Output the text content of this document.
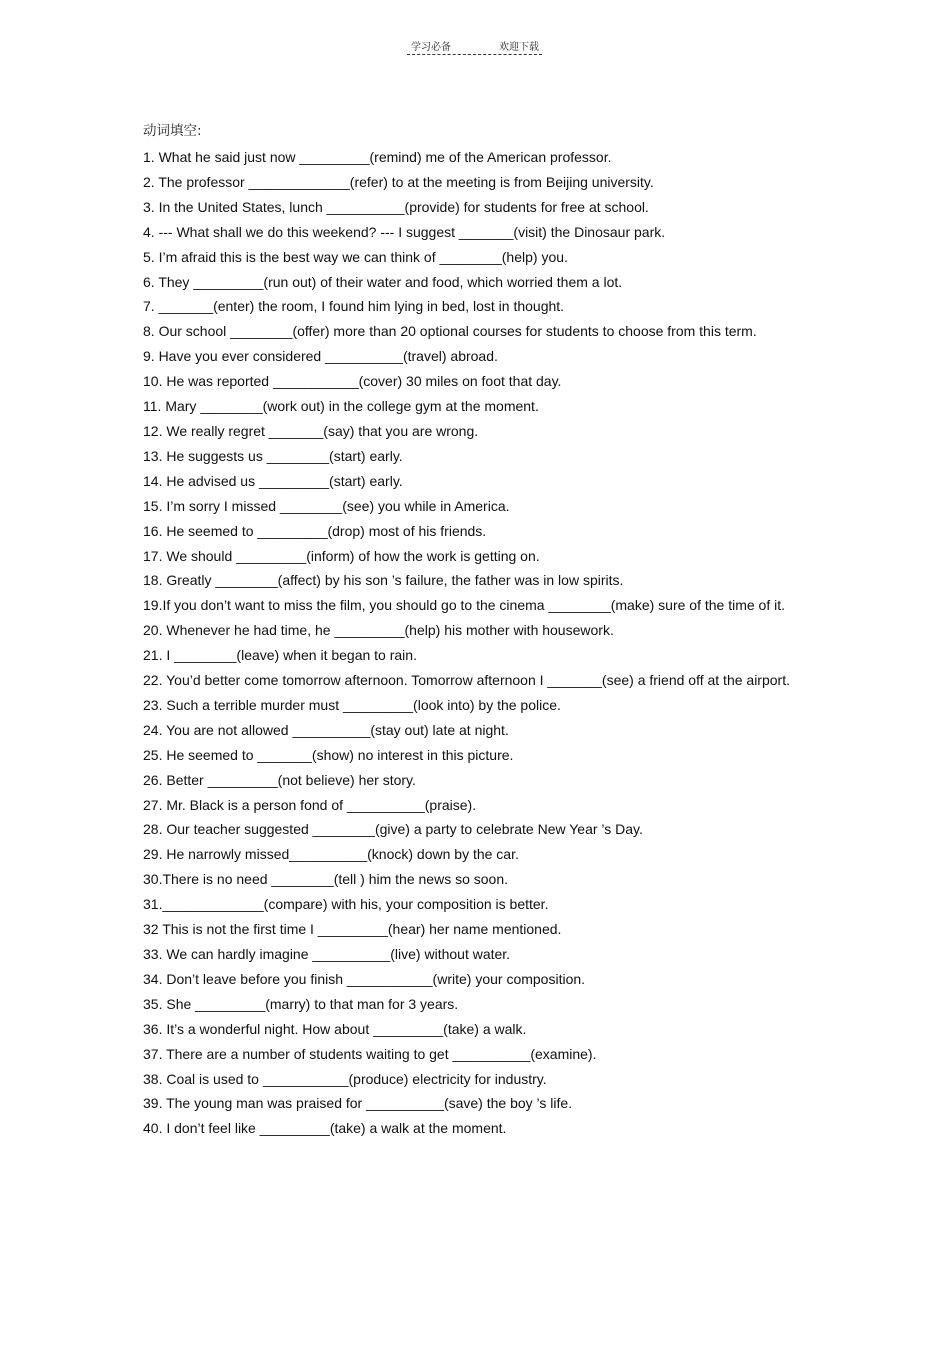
学习必备	欢迎下载
动词填空:
1. What he said just now _________(remind) me of the American professor.
2. The professor _____________(refer) to at the meeting is from Beijing university.
3. In the United States, lunch __________(provide) for students for free at school.
4. --- What shall we do this weekend? --- I suggest _______(visit) the Dinosaur park.
5. I’m afraid this is the best way we can think of ________(help) you.
6. They _________(run out) of their water and food, which worried them a lot.
7. _______(enter) the room, I found him lying in bed, lost in thought.
8. Our school ________(offer) more than 20 optional courses for students to choose from this term.
9. Have you ever considered __________(travel) abroad.
10. He was reported ___________(cover) 30 miles on foot that day.
11. Mary ________(work out) in the college gym at the moment.
12. We really regret _______(say) that you are wrong.
13. He suggests us ________(start) early.
14. He advised us _________(start) early.
15. I’m sorry I missed ________(see) you while in America.
16. He seemed to _________(drop) most of his friends.
17. We should _________(inform) of how the work is getting on.
18. Greatly ________(affect) by his son ’s failure, the father was in low spirits.
19.If you don’t want to miss the film, you should go to the cinema ________(make) sure of the time of it.
20. Whenever he had time, he _________(help) his mother with housework.
21. I ________(leave) when it began to rain.
22. You’d better come tomorrow afternoon. Tomorrow afternoon I _______(see) a friend off at the airport.
23. Such a terrible murder must _________(look into) by the police.
24. You are not allowed __________(stay out) late at night.
25. He seemed to _______(show) no interest in this picture.
26. Better _________(not believe) her story.
27. Mr. Black is a person fond of __________(praise).
28. Our teacher suggested ________(give) a party to celebrate New Year ’s Day.
29. He narrowly missed__________(knock) down by the car.
30.There is no need ________(tell ) him the news so soon.
31._____________(compare) with his, your composition is better.
32 This is not the first time I _________(hear) her name mentioned.
33. We can hardly imagine __________(live) without water.
34. Don’t leave before you finish ___________(write) your composition.
35. She _________(marry) to that man for 3 years.
36. It’s a wonderful night. How about _________(take) a walk.
37. There are a number of students waiting to get __________(examine).
38. Coal is used to ___________(produce) electricity for industry.
39. The young man was praised for __________(save) the boy ’s life.
40. I don’t feel like _________(take) a walk at the moment.
